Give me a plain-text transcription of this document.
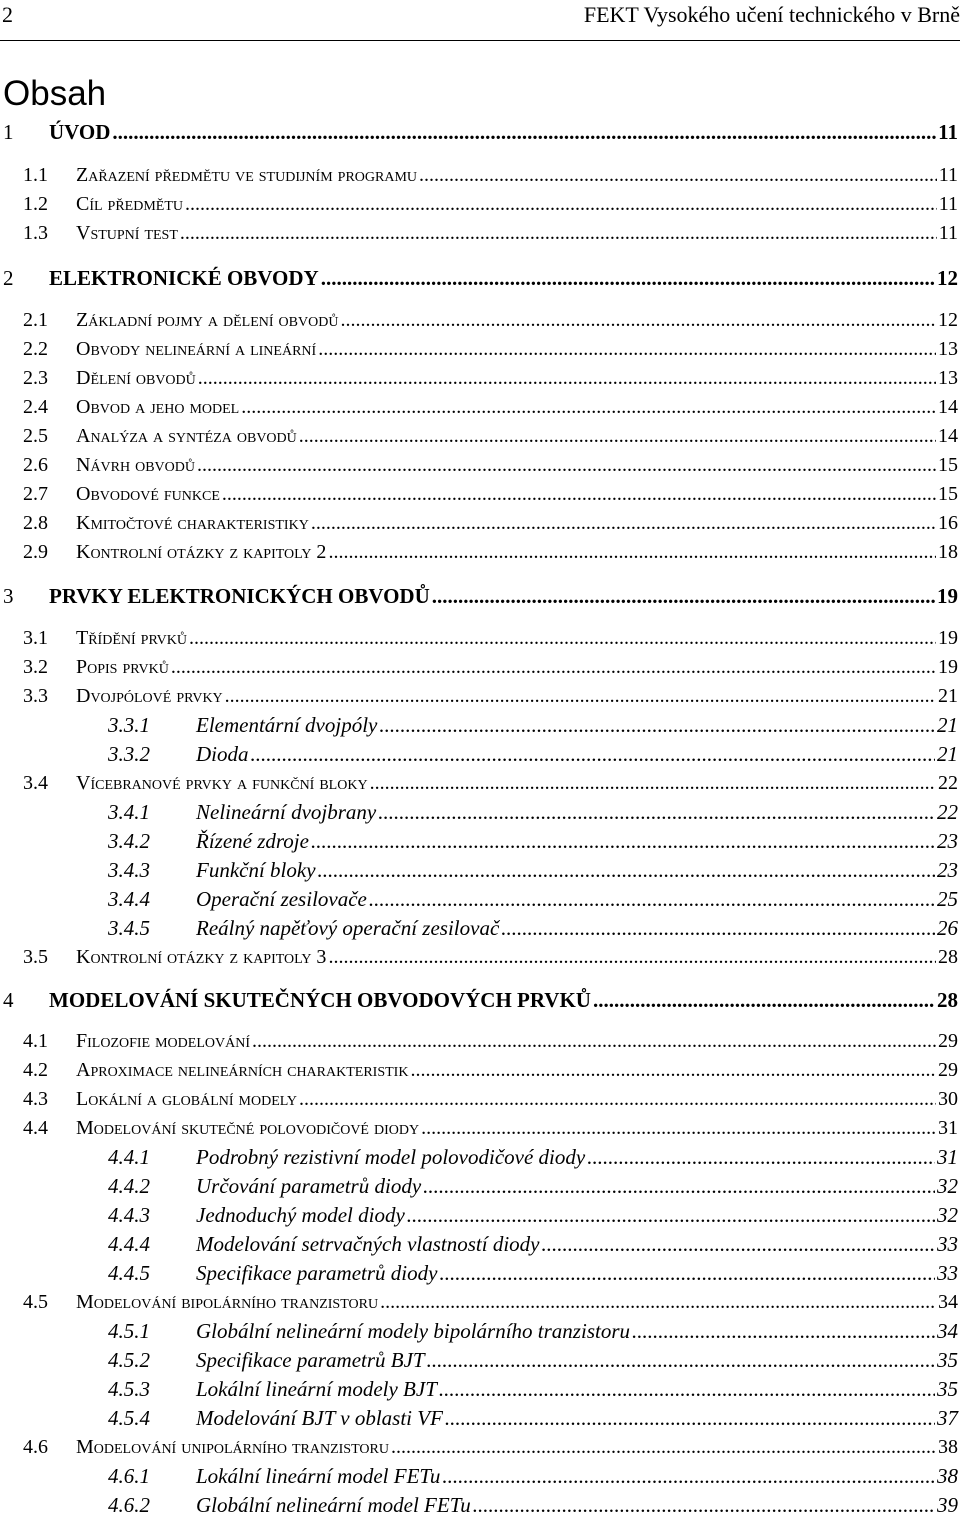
2	FEKT Vysokého učení technického v Brně
Obsah
1 ÚVOD .....	11
1.1 Zařazení předmětu ve studijním programu .....	11
1.2 Cíl předmětu .....	11
1.3 Vstupní test .....	11
2 ELEKTRONICKÉ OBVODY .....	12
2.1 Základní pojmy a dělení obvodů .....	12
2.2 Obvody nelineární a lineární .....	13
2.3 Dělení obvodů .....	13
2.4 Obvod a jeho model .....	14
2.5 Analýza a syntéza obvodů .....	14
2.6 Návrh obvodů .....	15
2.7 Obvodové funkce .....	15
2.8 Kmitočtové charakteristiky .....	16
2.9 Kontrolní otázky z kapitoly 2 .....	18
3 PRVKY ELEKTRONICKÝCH OBVODŮ .....	19
3.1 Třídění prvků .....	19
3.2 Popis prvků .....	19
3.3 Dvojpólové prvky .....	21
3.3.1 Elementární dvojpóly .....	21
3.3.2 Dioda .....	21
3.4 Vícebranové prvky a funkční bloky .....	22
3.4.1 Nelineární dvojbrany .....	22
3.4.2 Řízené zdroje .....	23
3.4.3 Funkční bloky .....	23
3.4.4 Operační zesilovače .....	25
3.4.5 Reálný napěťový operační zesilovač .....	26
3.5 Kontrolní otázky z kapitoly 3 .....	28
4 MODELOVÁNÍ SKUTEČNÝCH OBVODOVÝCH PRVKŮ .....	28
4.1 Filozofie modelování .....	29
4.2 Aproximace nelineárních charakteristik .....	29
4.3 Lokální a globální modely .....	30
4.4 Modelování skutečné polovodičové diody .....	31
4.4.1 Podrobný rezistivní model polovodičové diody .....	31
4.4.2 Určování parametrů diody .....	32
4.4.3 Jednoduchý model diody .....	32
4.4.4 Modelování setrvačných vlastností diody .....	33
4.4.5 Specifikace parametrů diody .....	33
4.5 Modelování bipolárního tranzistoru .....	34
4.5.1 Globální nelineární modely bipolárního tranzistoru .....	34
4.5.2 Specifikace parametrů BJT .....	35
4.5.3 Lokální lineární modely BJT .....	35
4.5.4 Modelování BJT v oblasti VF .....	37
4.6 Modelování unipolárního tranzistoru .....	38
4.6.1 Lokální lineární model FETu .....	38
4.6.2 Globální nelineární model FETu .....	39
